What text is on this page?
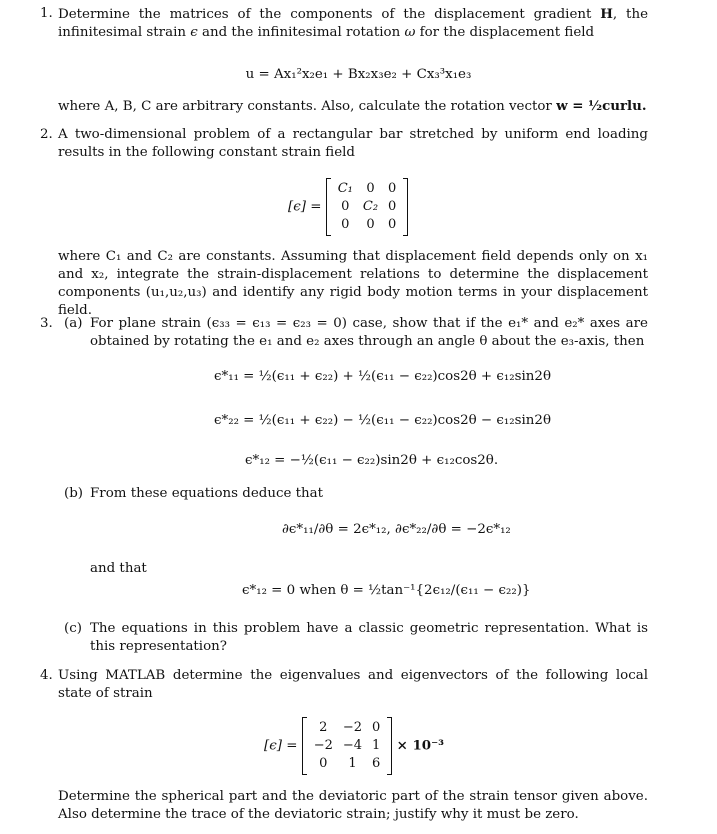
1. Determine the matrices of the components of the displacement gradient H, the infinitesimal strain ϵ and the infinitesimal rotation ω for the displacement field
u = Ax₁²x₂e₁ + Bx₂x₃e₂ + Cx₃³x₁e₃
where A, B, C are arbitrary constants. Also, calculate the rotation vector w = ½curlu.
2. A two-dimensional problem of a rectangular bar stretched by uniform end loading results in the following constant strain field
[ϵ] =
C₁	0	0
0	C₂	0
0	0	0
where C₁ and C₂ are constants. Assuming that displacement field depends only on x₁ and x₂, integrate the strain-displacement relations to determine the displacement components (u₁,u₂,u₃) and identify any rigid body motion terms in your displacement field.
3. (a) For plane strain (ϵ₃₃ = ϵ₁₃ = ϵ₂₃ = 0) case, show that if the e₁* and e₂* axes are obtained by rotating the e₁ and e₂ axes through an angle θ about the e₃-axis, then
ϵ*₁₁ = ½(ϵ₁₁ + ϵ₂₂) + ½(ϵ₁₁ − ϵ₂₂)cos2θ + ϵ₁₂sin2θ
ϵ*₂₂ = ½(ϵ₁₁ + ϵ₂₂) − ½(ϵ₁₁ − ϵ₂₂)cos2θ − ϵ₁₂sin2θ
ϵ*₁₂ = −½(ϵ₁₁ − ϵ₂₂)sin2θ + ϵ₁₂cos2θ.
(b) From these equations deduce that
∂ϵ*₁₁/∂θ = 2ϵ*₁₂, ∂ϵ*₂₂/∂θ = −2ϵ*₁₂
and that
ϵ*₁₂ = 0 when θ = ½tan⁻¹{2ϵ₁₂/(ϵ₁₁ − ϵ₂₂)}
(c) The equations in this problem have a classic geometric representation. What is this representation?
4. Using MATLAB determine the eigenvalues and eigenvectors of the following local state of strain
[ϵ] =
2	−2	0
−2	−4	1
0	1	6
× 10⁻³
Determine the spherical part and the deviatoric part of the strain tensor given above. Also determine the trace of the deviatoric strain; justify why it must be zero.
